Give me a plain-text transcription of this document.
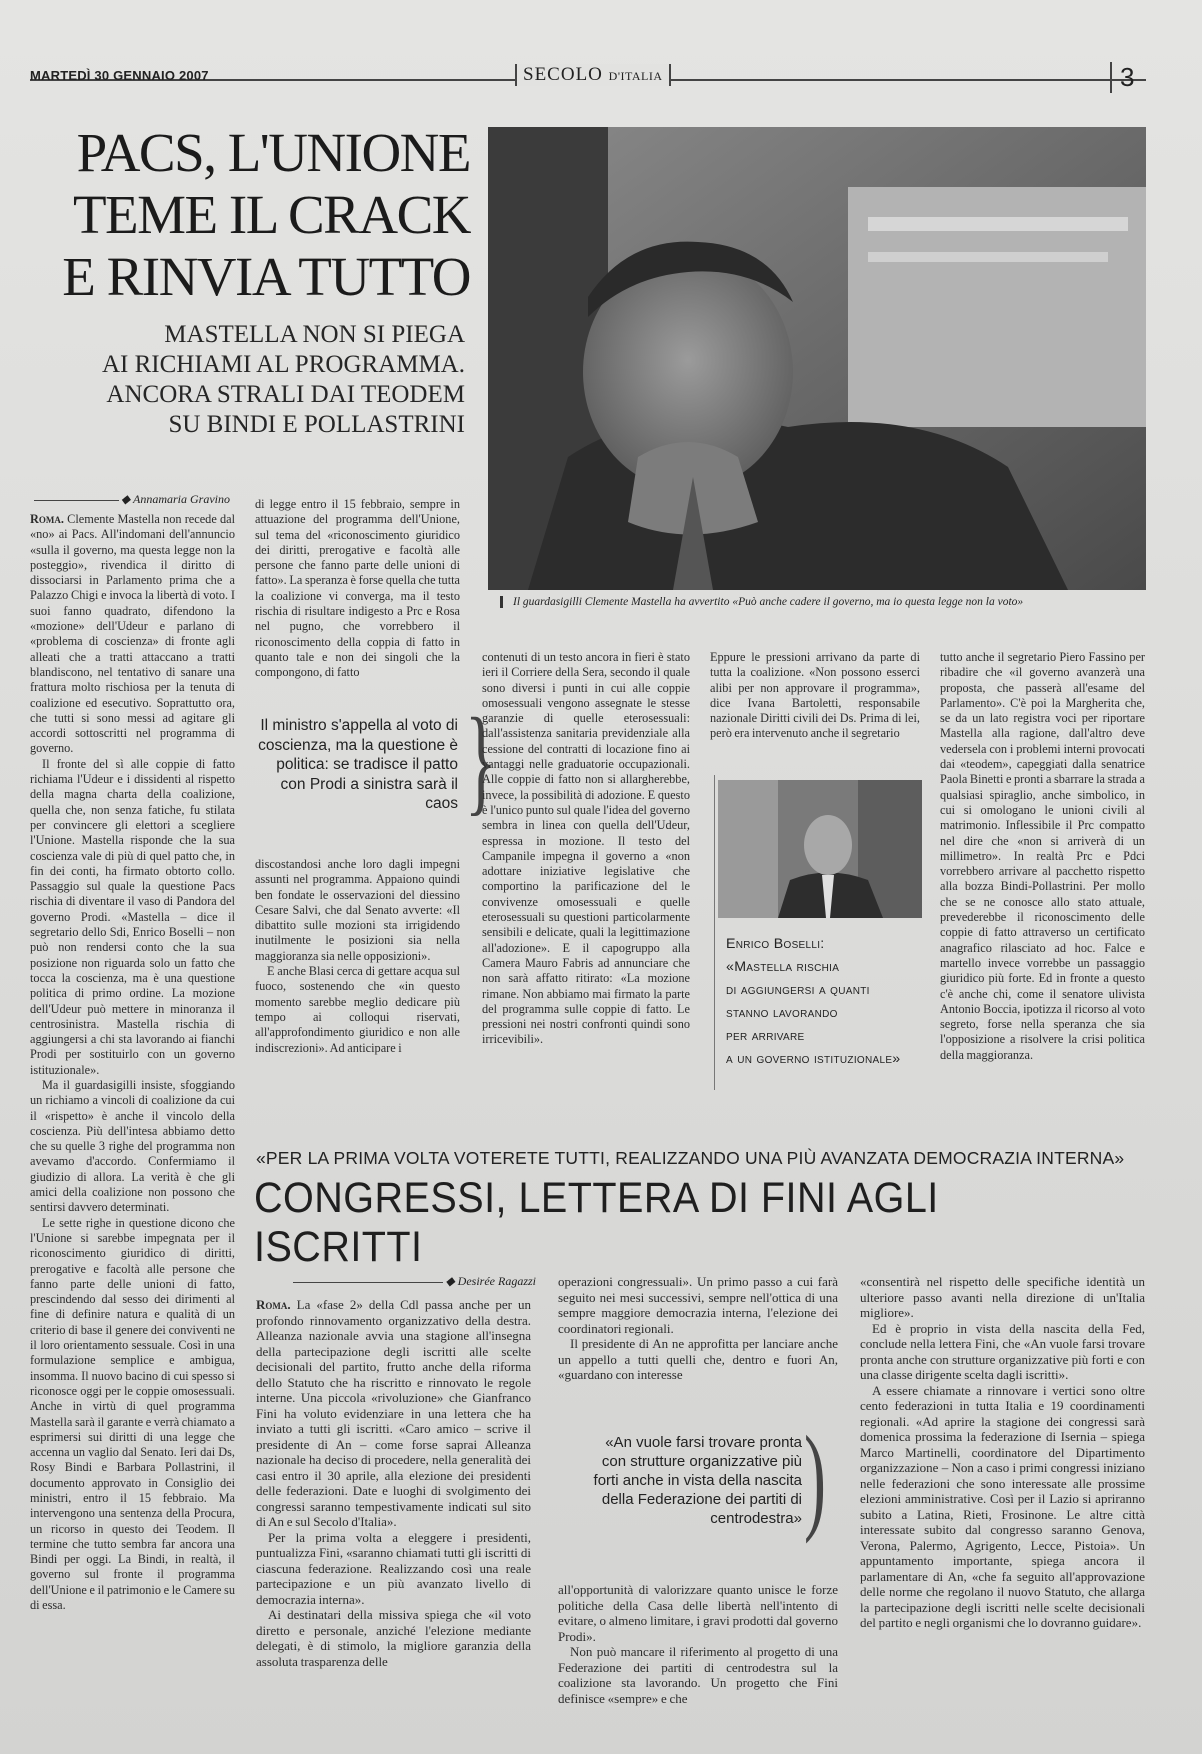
MARTEDÌ 30 GENNAIO 2007	SECOLO D'ITALIA	3
PACS, L'UNIONE
TEME IL CRACK
E RINVIA TUTTO
MASTELLA NON SI PIEGA
AI RICHIAMI AL PROGRAMMA.
ANCORA STRALI DAI TEODEM
SU BINDI E POLLASTRINI
Il guardasigilli Clemente Mastella ha avvertito «Può anche cadere il governo, ma io questa legge non la voto»
◆ Annamaria Gravino

Roma. Clemente Mastella non recede dal «no» ai Pacs. All'indomani dell'annuncio «sulla il governo, ma questa legge non la posteggio», rivendica il diritto di dissociarsi in Parlamento prima che a Palazzo Chigi e invoca la libertà di voto. I suoi fanno quadrato, difendono la «mozione» dell'Udeur e parlano di «problema di coscienza» di fronte agli alleati che a tratti attaccano a tratti blandiscono, nel tentativo di sanare una frattura molto rischiosa per la tenuta di coalizione ed esecutivo. Soprattutto ora, che tutti si sono messi ad agitare gli accordi sottoscritti nel programma di governo.

Il fronte del sì alle coppie di fatto richiama l'Udeur e i dissidenti al rispetto della magna charta della coalizione, quella che, non senza fatiche, fu stilata per convincere gli elettori a scegliere l'Unione. Mastella risponde che la sua coscienza vale di più di quel patto che, in fin dei conti, ha firmato obtorto collo. Passaggio sul quale la questione Pacs rischia di diventare il vaso di Pandora del governo Prodi. «Mastella – dice il segretario dello Sdi, Enrico Boselli – non può non rendersi conto che la sua posizione non riguarda solo un fatto che tocca la coscienza, ma è una questione politica di primo ordine. La mozione dell'Udeur può mettere in minoranza il centrosinistra. Mastella rischia di aggiungersi a chi sta lavorando ai fianchi Prodi per sostituirlo con un governo istituzionale».

Ma il guardasigilli insiste, sfoggiando un richiamo a vincoli di coalizione da cui il «rispetto» è anche il vincolo della coscienza. Più dell'intesa abbiamo detto che su quelle 3 righe del programma non avevamo d'accordo. Confermiamo il giudizio di allora. La verità è che gli amici della coalizione non possono che sentirsi davvero determinati.

Le sette righe in questione dicono che l'Unione si sarebbe impegnata per il riconoscimento giuridico di diritti, prerogative e facoltà alle persone che fanno parte delle unioni di fatto, prescindendo dal sesso dei dirimenti al fine di definire natura e qualità di un criterio di base il genere dei conviventi ne il loro orientamento sessuale. Così in una formulazione semplice e ambigua, insomma. Il nuovo bacino di cui spesso si riconosce oggi per le coppie omosessuali. Anche in virtù di quel programma Mastella sarà il garante e verrà chiamato a esprimersi sui diritti di una legge che accenna un vaglio dal Senato. Ieri dai Ds, Rosy Bindi e Barbara Pollastrini, il documento approvato in Consiglio dei ministri, entro il 15 febbraio. Ma intervengono una sentenza della Procura, un ricorso in questo dei Teodem. Il termine che tutto sembra far ancora una Bindi per oggi. La Bindi, in realtà, il governo sul fronte il programma dell'Unione e il patrimonio e le Camere su di essa.

di legge entro il 15 febbraio, sempre in attuazione del programma dell'Unione, sul tema del «riconoscimento giuridico dei diritti, prerogative e facoltà alle persone che fanno parte delle unioni di fatto». La speranza è forse quella che tutta la coalizione vi converga, ma il testo rischia di risultare indigesto a Prc e Rosa nel pugno, che vorrebbero il riconoscimento della coppia di fatto in quanto tale e non dei singoli che la compongono, di fatto

Il ministro s'appella al voto di coscienza, ma la questione è politica: se tradisce il patto con Prodi a sinistra sarà il caos }

discostandosi anche loro dagli impegni assunti nel programma. Appaiono quindi ben fondate le osservazioni del diessino Cesare Salvi, che dal Senato avverte: «Il dibattito sulle mozioni sta irrigidendo inutilmente le posizioni sia nella maggioranza sia nelle opposizioni».

E anche Blasi cerca di gettare acqua sul fuoco, sostenendo che «in questo momento sarebbe meglio dedicare più tempo ai colloqui riservati, all'approfondimento giuridico e non alle indiscrezioni». Ad anticipare i

contenuti di un testo ancora in fieri è stato ieri il Corriere della Sera, secondo il quale sono diversi i punti in cui alle coppie omosessuali vengono assegnate le stesse garanzie di quelle eterosessuali: dall'assistenza sanitaria previdenziale alla cessione del contratti di locazione fino ai vantaggi nelle graduatorie occupazionali. Alle coppie di fatto non si allargherebbe, invece, la possibilità di adozione. E questo è l'unico punto sul quale l'idea del governo sembra in linea con quella dell'Udeur, espressa in mozione. Il testo del Campanile impegna il governo a «non adottare iniziative legislative che comportino la parificazione del le convivenze omosessuali e quelle eterosessuali su questioni particolarmente sensibili e delicate, quali la legittimazione all'adozione». E il capogruppo alla Camera Mauro Fabris ad annunciare che non sarà affatto ritirato: «La mozione rimane. Non abbiamo mai firmato la parte del programma sulle coppie di fatto. Le pressioni nei nostri confronti quindi sono irricevibili».

Eppure le pressioni arrivano da parte di tutta la coalizione. «Non possono esserci alibi per non approvare il programma», dice Ivana Bartoletti, responsabile nazionale Diritti civili dei Ds. Prima di lei, però era intervenuto anche il segretario

Enrico Boselli:
«Mastella rischia
di aggiungersi a quanti
stanno lavorando
per arrivare
a un governo istituzionale»

tutto anche il segretario Piero Fassino per ribadire che «il governo avanzerà una proposta, che passerà all'esame del Parlamento». C'è poi la Margherita che, se da un lato registra voci per riportare Mastella alla ragione, dall'altro deve vedersela con i problemi interni provocati dai «teodem», capeggiati dalla senatrice Paola Binetti e pronti a sbarrare la strada a qualsiasi spiraglio, anche simbolico, in cui si omologano le unioni civili al matrimonio. Inflessibile il Prc compatto nel dire che «non si arriverà di un millimetro». In realtà Prc e Pdci vorrebbero arrivare al pacchetto rispetto alla bozza Bindi-Pollastrini. Per mollo che se ne conosce allo stato attuale, prevederebbe il riconoscimento delle coppie di fatto attraverso un certificato anagrafico rilasciato ad hoc. Falce e martello invece vorrebbe un passaggio giuridico più forte. Ed in fronte a questo c'è anche chi, come il senatore ulivista Antonio Boccia, ipotizza il ricorso al voto segreto, forse nella speranza che sia l'opposizione a risolvere la crisi politica della maggioranza.

«PER LA PRIMA VOLTA VOTERETE TUTTI, REALIZZANDO UNA PIÙ AVANZATA DEMOCRAZIA INTERNA»
CONGRESSI, LETTERA DI FINI AGLI ISCRITTI
◆ Desirée Ragazzi

Roma. La «fase 2» della Cdl passa anche per un profondo rinnovamento organizzativo della destra. Alleanza nazionale avvia una stagione all'insegna della partecipazione degli iscritti alle scelte decisionali del partito, frutto anche della riforma dello Statuto che ha riscritto e rinnovato le regole interne. Una piccola «rivoluzione» che Gianfranco Fini ha voluto evidenziare in una lettera che ha inviato a tutti gli iscritti. «Caro amico – scrive il presidente di An – come forse saprai Alleanza nazionale ha deciso di procedere, nella generalità dei casi entro il 30 aprile, alla elezione dei presidenti delle federazioni. Date e luoghi di svolgimento dei congressi saranno tempestivamente indicati sul sito di An e sul Secolo d'Italia».

Per la prima volta a eleggere i presidenti, puntualizza Fini, «saranno chiamati tutti gli iscritti di ciascuna federazione. Realizzando così una reale partecipazione e un più avanzato livello di democrazia interna».

Ai destinatari della missiva spiega che «il voto diretto e personale, anziché l'elezione mediante delegati, è di stimolo, la migliore garanzia della assoluta trasparenza delle

operazioni congressuali». Un primo passo a cui farà seguito nei mesi successivi, sempre nell'ottica di una sempre maggiore democrazia interna, l'elezione dei coordinatori regionali.

Il presidente di An ne approfitta per lanciare anche un appello a tutti quelli che, dentro e fuori An, «guardano con interesse

«An vuole farsi trovare pronta con strutture organizzative più forti anche in vista della nascita della Federazione dei partiti di centrodestra» )

all'opportunità di valorizzare quanto unisce le forze politiche della Casa delle libertà nell'intento di evitare, o almeno limitare, i gravi prodotti dal governo Prodi».

Non può mancare il riferimento al progetto di una Federazione dei partiti di centrodestra sul la coalizione sta lavorando. Un progetto che Fini definisce «sempre» e che

«consentirà nel rispetto delle specifiche identità un ulteriore passo avanti nella direzione di un'Italia migliore».

Ed è proprio in vista della nascita della Fed, conclude nella lettera Fini, che «An vuole farsi trovare pronta anche con strutture organizzative più forti e con una classe dirigente scelta dagli iscritti».

A essere chiamate a rinnovare i vertici sono oltre cento federazioni in tutta Italia e 19 coordinamenti regionali. «Ad aprire la stagione dei congressi sarà domenica prossima la federazione di Isernia – spiega Marco Martinelli, coordinatore del Dipartimento organizzazione – Non a caso i primi congressi iniziano nelle federazioni che sono interessate alle prossime elezioni amministrative. Così per il Lazio si apriranno subito a Latina, Rieti, Frosinone. Le altre città interessate subito dal congresso saranno Genova, Verona, Palermo, Agrigento, Lecce, Pistoia». Un appuntamento importante, spiega ancora il parlamentare di An, «che fa seguito all'approvazione delle norme che regolano il nuovo Statuto, che allarga la partecipazione degli iscritti nelle scelte decisionali del partito e negli organismi che lo dovranno guidare».
